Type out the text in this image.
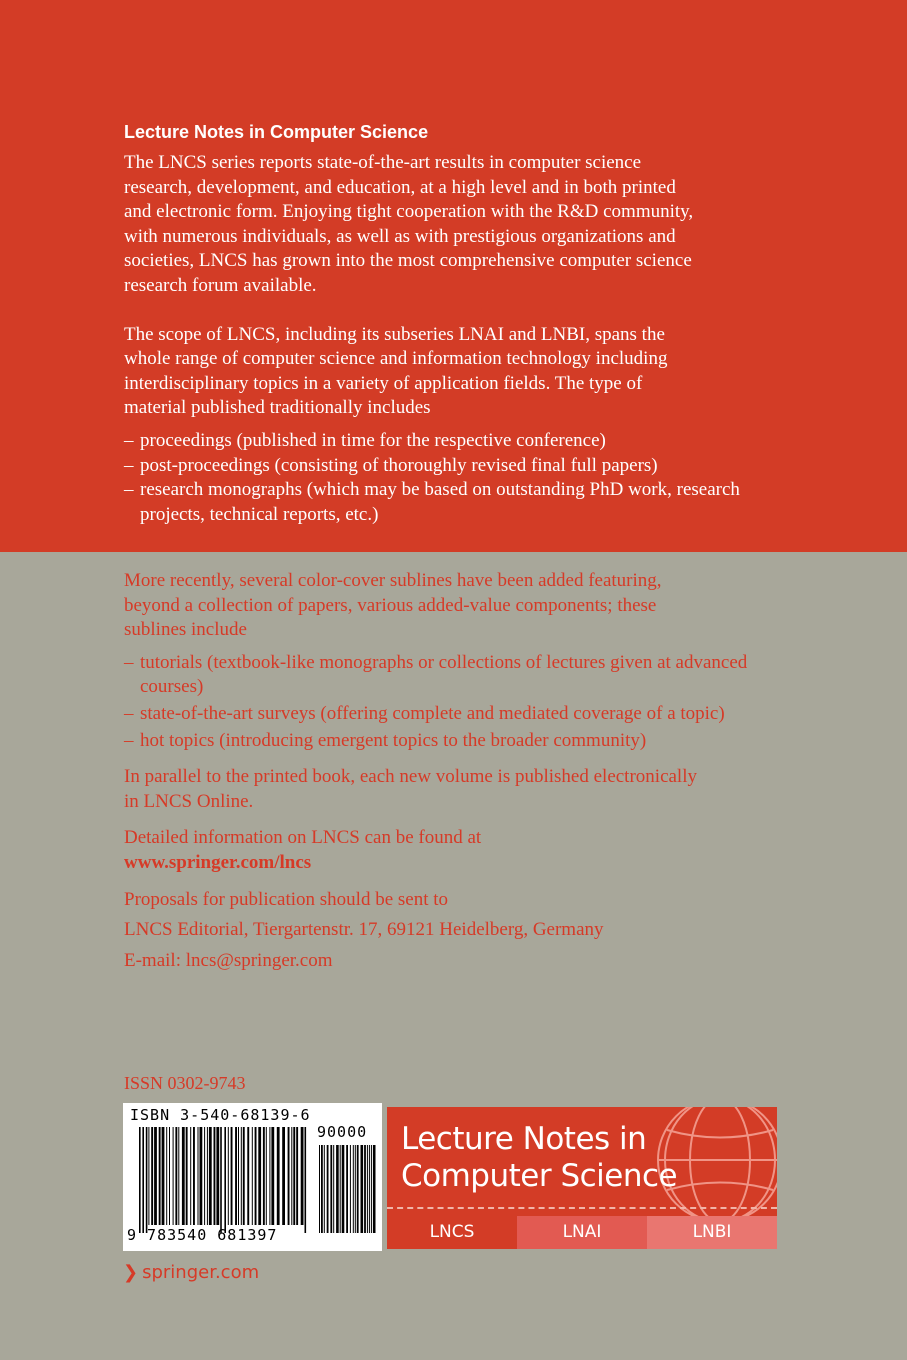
Lecture Notes in Computer Science

The LNCS series reports state-of-the-art results in computer science
research, development, and education, at a high level and in both printed
and electronic form. Enjoying tight cooperation with the R&D community,
with numerous individuals, as well as with prestigious organizations and
societies, LNCS has grown into the most comprehensive computer science
research forum available.

The scope of LNCS, including its subseries LNAI and LNBI, spans the
whole range of computer science and information technology including
interdisciplinary topics in a variety of application fields. The type of
material published traditionally includes

– proceedings (published in time for the respective conference)
– post-proceedings (consisting of thoroughly revised final full papers)
– research monographs (which may be based on outstanding PhD work, research projects, technical reports, etc.)

More recently, several color-cover sublines have been added featuring,
beyond a collection of papers, various added-value components; these
sublines include

– tutorials (textbook-like monographs or collections of lectures given at advanced courses)
– state-of-the-art surveys (offering complete and mediated coverage of a topic)
– hot topics (introducing emergent topics to the broader community)

In parallel to the printed book, each new volume is published electronically
in LNCS Online.

Detailed information on LNCS can be found at
www.springer.com/lncs

Proposals for publication should be sent to

LNCS Editorial, Tiergartenstr. 17, 69121 Heidelberg, Germany

E-mail: lncs@springer.com

ISSN 0302-9743
ISBN 3-540-68139-6
90000
9 783540 681397
Lecture Notes in
Computer Science
LNCS	LNAI	LNBI
❯ springer.com
